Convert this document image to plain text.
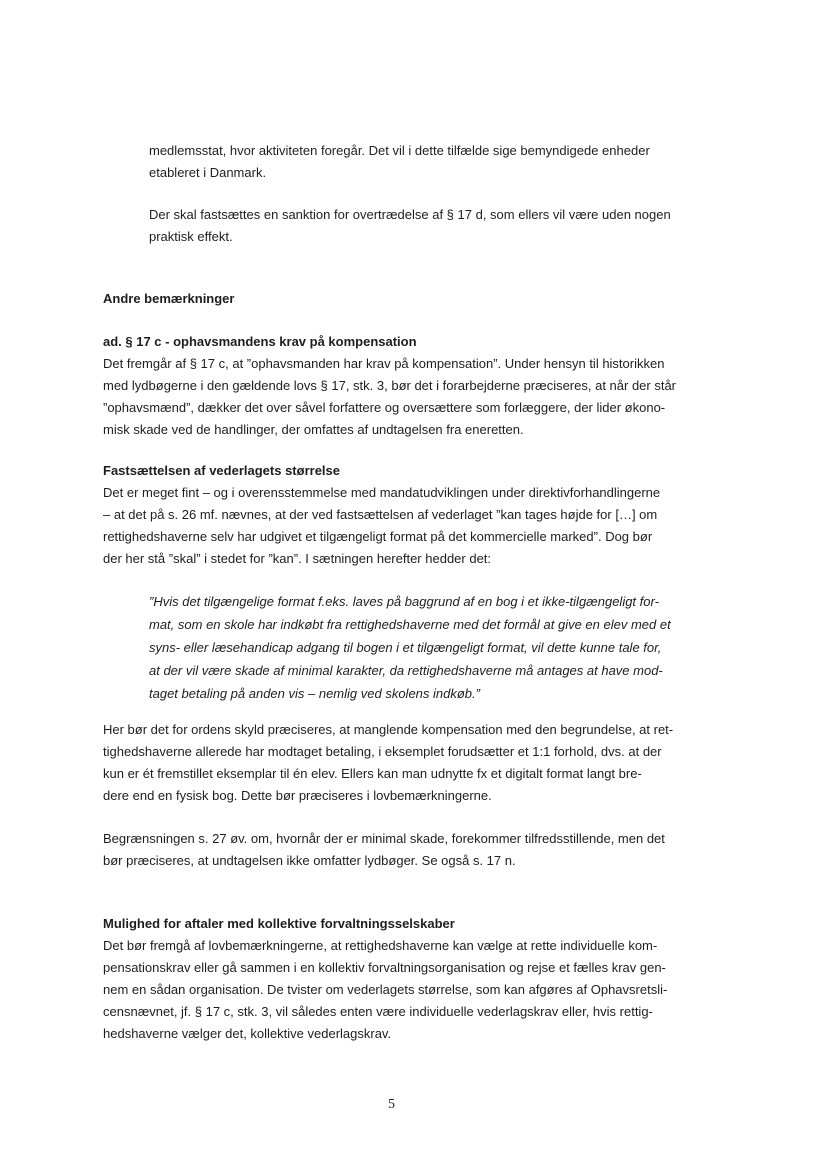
medlemsstat, hvor aktiviteten foregår. Det vil i dette tilfælde sige bemyndigede enheder

etableret i Danmark.

Der skal fastsættes en sanktion for overtrædelse af § 17 d, som ellers vil være uden nogen

praktisk effekt.

Andre bemærkninger

ad. § 17 c - ophavsmandens krav på kompensation

Det fremgår af § 17 c, at ”ophavsmanden har krav på kompensation”. Under hensyn til historikken

med lydbøgerne i den gældende lovs § 17, stk. 3, bør det i forarbejderne præciseres, at når der står

”ophavsmænd”, dækker det over såvel forfattere og oversættere som forlæggere, der lider økono-

misk skade ved de handlinger, der omfattes af undtagelsen fra eneretten.

Fastsættelsen af vederlagets størrelse

Det er meget fint – og i overensstemmelse med mandatudviklingen under direktivforhandlingerne

– at det på s. 26 mf. nævnes, at der ved fastsættelsen af vederlaget ”kan tages højde for […] om

rettighedshaverne selv har udgivet et tilgængeligt format på det kommercielle marked”. Dog bør

der her stå ”skal” i stedet for ”kan”. I sætningen herefter hedder det:

”Hvis det tilgængelige format f.eks. laves på baggrund af en bog i et ikke-tilgængeligt for-

mat, som en skole har indkøbt fra rettighedshaverne med det formål at give en elev med et

syns- eller læsehandicap adgang til bogen i et tilgængeligt format, vil dette kunne tale for,

at der vil være skade af minimal karakter, da rettighedshaverne må antages at have mod-

taget betaling på anden vis – nemlig ved skolens indkøb.”

Her bør det for ordens skyld præciseres, at manglende kompensation med den begrundelse, at ret-

tighedshaverne allerede har modtaget betaling, i eksemplet forudsætter et 1:1 forhold, dvs. at der

kun er ét fremstillet eksemplar til én elev. Ellers kan man udnytte fx et digitalt format langt bre-

dere end en fysisk bog. Dette bør præciseres i lovbemærkningerne.

Begrænsningen s. 27 øv. om, hvornår der er minimal skade, forekommer tilfredsstillende, men det

bør præciseres, at undtagelsen ikke omfatter lydbøger. Se også s. 17 n.

Mulighed for aftaler med kollektive forvaltningsselskaber

Det bør fremgå af lovbemærkningerne, at rettighedshaverne kan vælge at rette individuelle kom-

pensationskrav eller gå sammen i en kollektiv forvaltningsorganisation og rejse et fælles krav gen-

nem en sådan organisation. De tvister om vederlagets størrelse, som kan afgøres af Ophavsretsli-

censnævnet, jf. § 17 c, stk. 3, vil således enten være individuelle vederlagskrav eller, hvis rettig-

hedshaverne vælger det, kollektive vederlagskrav.

5
